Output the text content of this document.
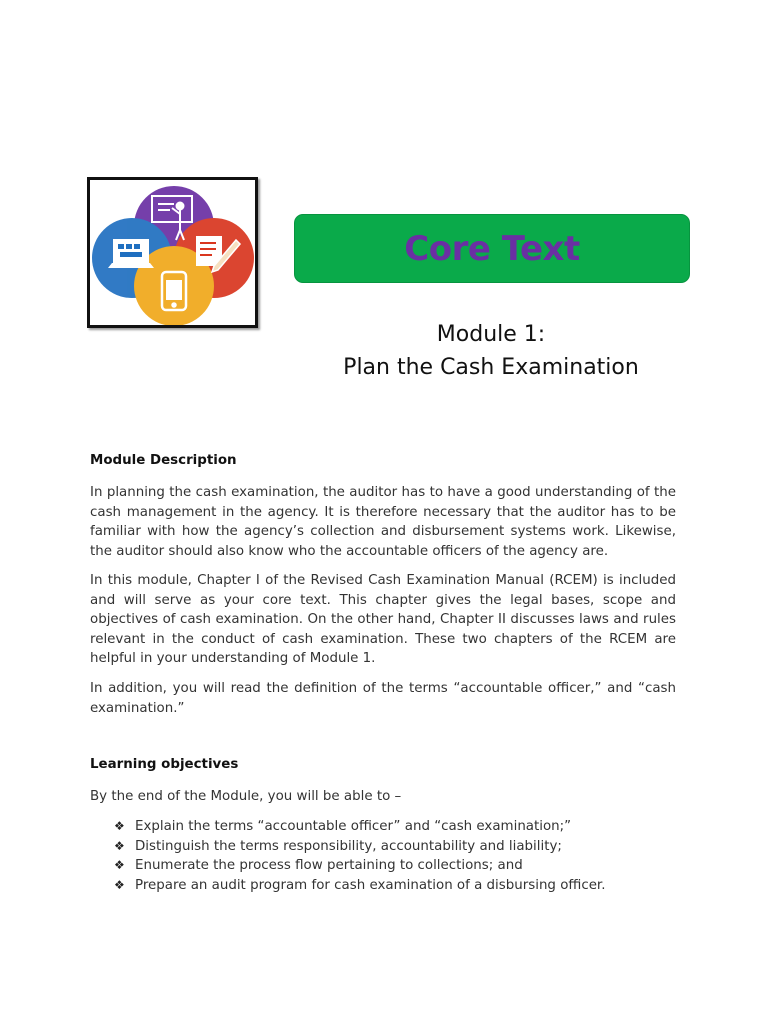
Core Text
Module 1:
Plan the Cash Examination
Module Description

In planning the cash examination, the auditor has to have a good understanding of the cash management in the agency. It is therefore necessary that the auditor has to be familiar with how the agency’s collection and disbursement systems work. Likewise, the auditor should also know who the accountable officers of the agency are.

In this module, Chapter I of the Revised Cash Examination Manual (RCEM) is included and will serve as your core text. This chapter gives the legal bases, scope and objectives of cash examination. On the other hand, Chapter II discusses laws and rules relevant in the conduct of cash examination. These two chapters of the RCEM are helpful in your understanding of Module 1.

In addition, you will read the definition of the terms “accountable officer,” and “cash examination.”

Learning objectives
By the end of the Module, you will be able to –
❖ Explain the terms “accountable officer” and “cash examination;”
❖ Distinguish the terms responsibility, accountability and liability;
❖ Enumerate the process flow pertaining to collections; and
❖ Prepare an audit program for cash examination of a disbursing officer.
